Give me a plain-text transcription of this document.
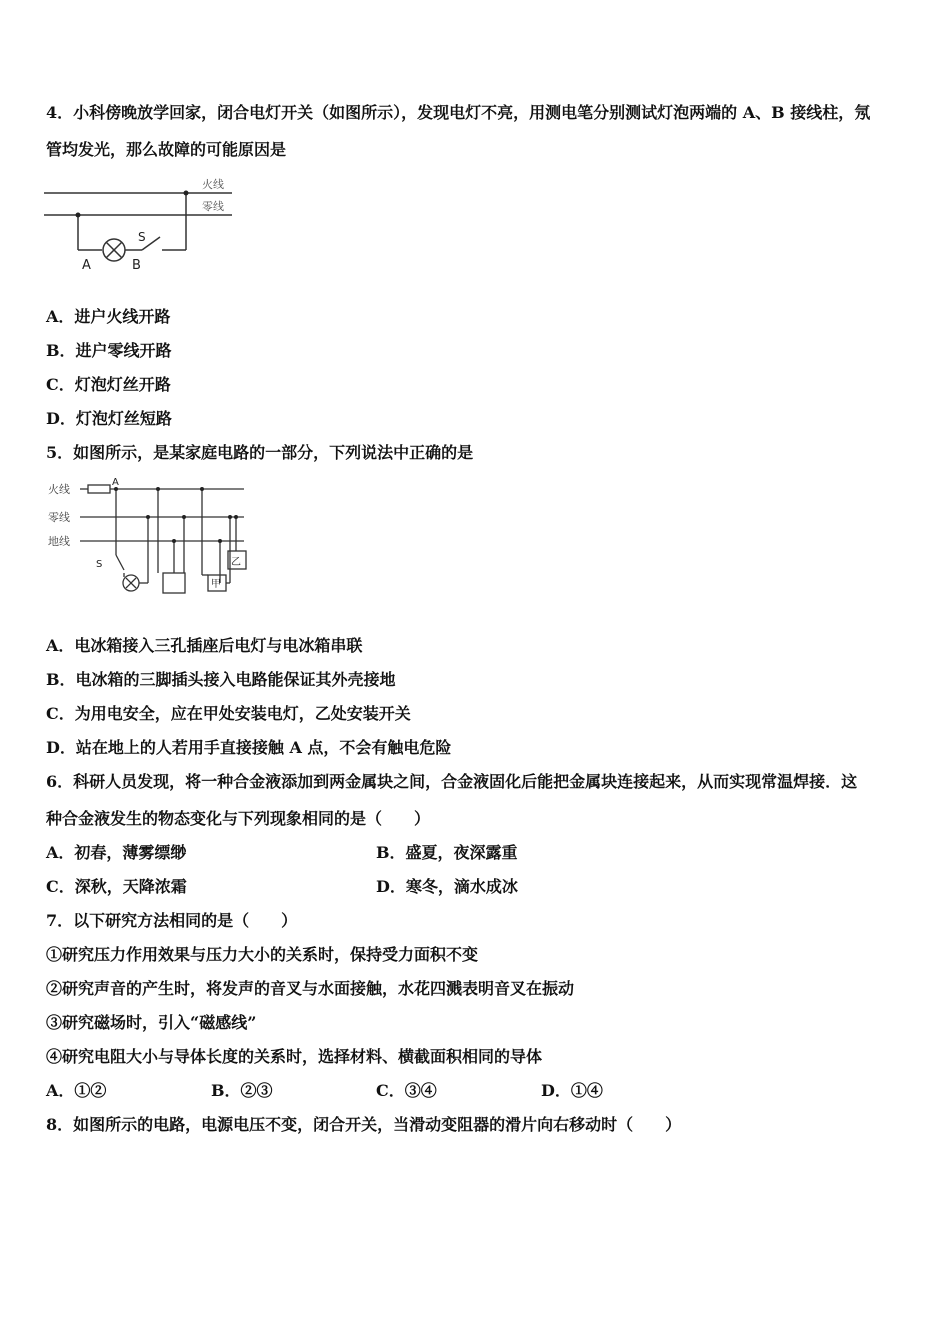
4．小科傍晚放学回家，闭合电灯开关（如图所示），发现电灯不亮，用测电笔分别测试灯泡两端的 A、B 接线柱，氖
管均发光，那么故障的可能原因是
火线
零线
A	B
S
A．进户火线开路
B．进户零线开路
C．灯泡灯丝开路
D．灯泡灯丝短路
5．如图所示，是某家庭电路的一部分，下列说法中正确的是
火线
零线
地线
A
S
甲
乙
A．电冰箱接入三孔插座后电灯与电冰箱串联
B．电冰箱的三脚插头接入电路能保证其外壳接地
C．为用电安全，应在甲处安装电灯，乙处安装开关
D．站在地上的人若用手直接接触 A 点，不会有触电危险
6．科研人员发现，将一种合金液添加到两金属块之间，合金液固化后能把金属块连接起来，从而实现常温焊接．这
种合金液发生的物态变化与下列现象相同的是（　　）
A．初春，薄雾缥缈	B．盛夏，夜深露重
C．深秋，天降浓霜	D．寒冬，滴水成冰
7．以下研究方法相同的是（　　）
①研究压力作用效果与压力大小的关系时，保持受力面积不变
②研究声音的产生时，将发声的音叉与水面接触，水花四溅表明音叉在振动
③研究磁场时，引入“磁感线”
④研究电阻大小与导体长度的关系时，选择材料、横截面积相同的导体
A．①②	B．②③	C．③④	D．①④
8．如图所示的电路，电源电压不变，闭合开关，当滑动变阻器的滑片向右移动时（　　）
